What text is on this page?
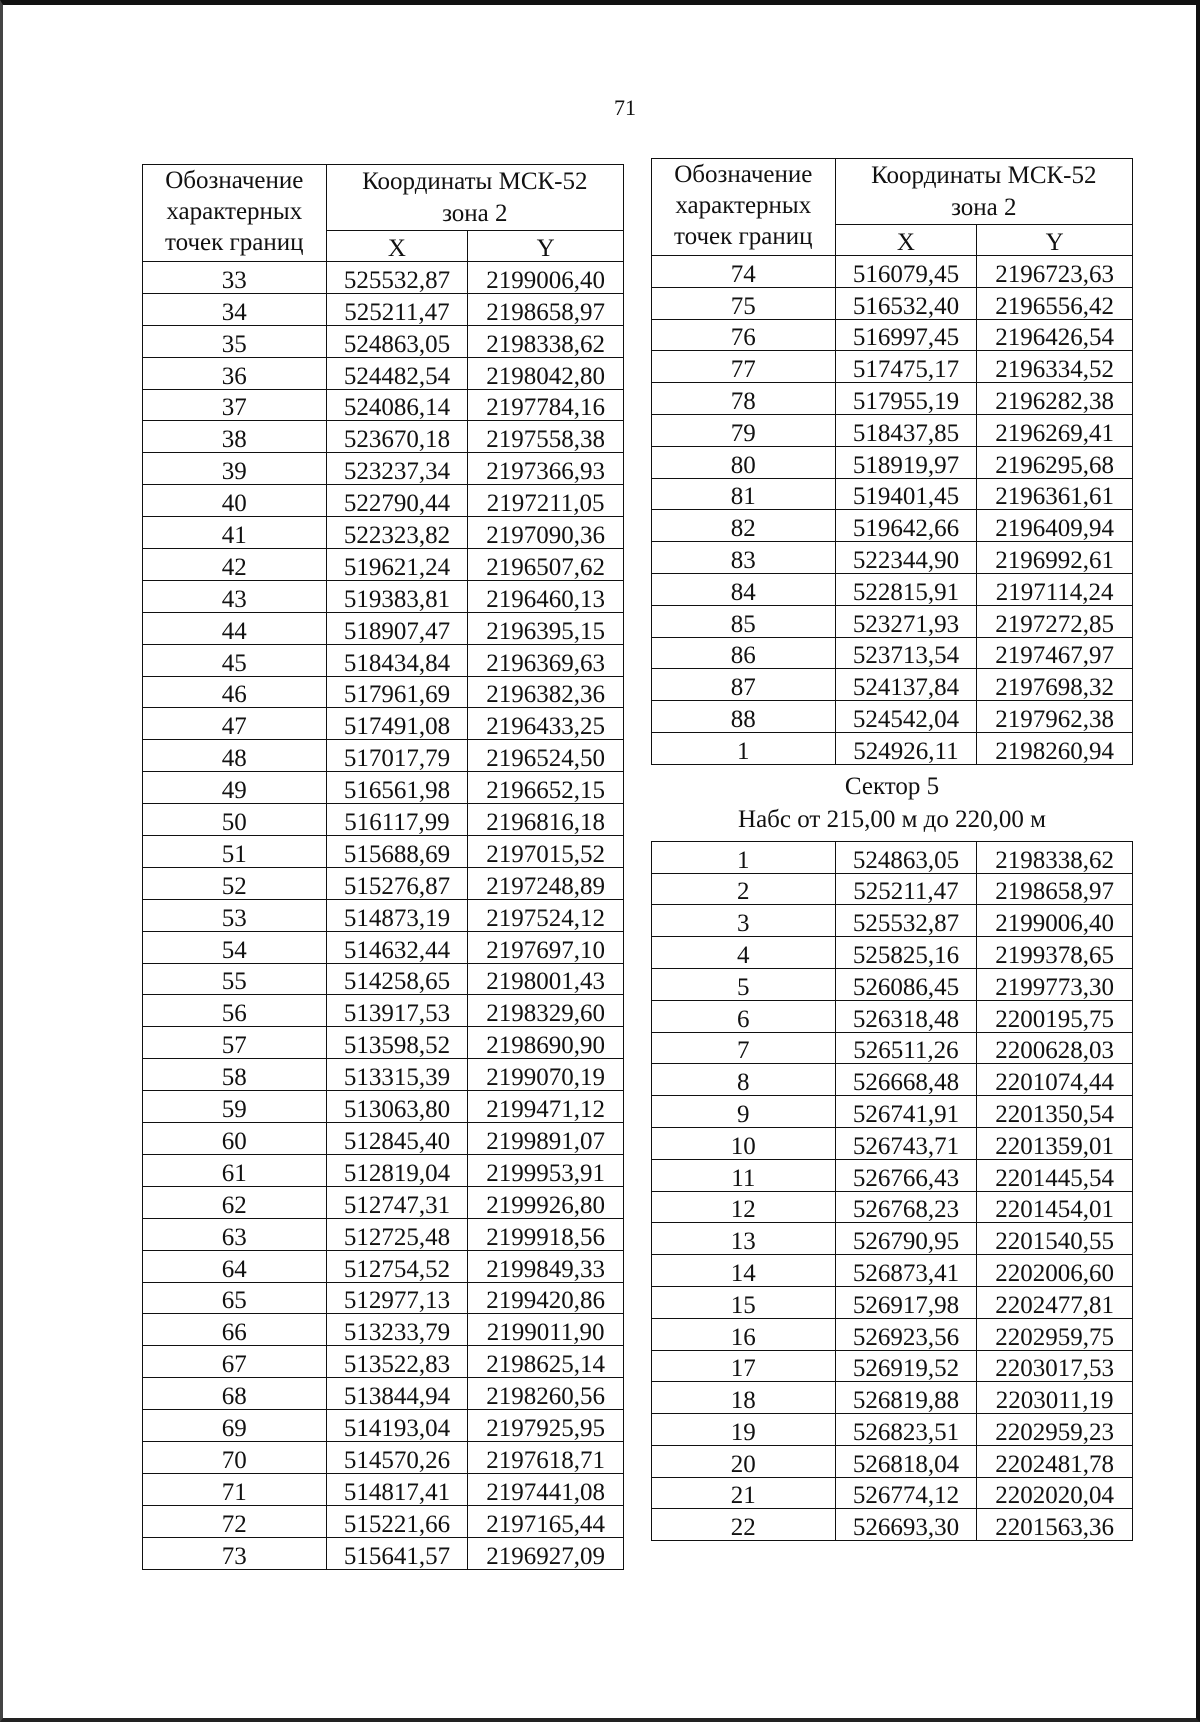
71
Обозначение
характерных
точек границ	Координаты МСК-52
зона 2	
	X	Y
33	525532,87	2199006,40
34	525211,47	2198658,97
35	524863,05	2198338,62
36	524482,54	2198042,80
37	524086,14	2197784,16
38	523670,18	2197558,38
39	523237,34	2197366,93
40	522790,44	2197211,05
41	522323,82	2197090,36
42	519621,24	2196507,62
43	519383,81	2196460,13
44	518907,47	2196395,15
45	518434,84	2196369,63
46	517961,69	2196382,36
47	517491,08	2196433,25
48	517017,79	2196524,50
49	516561,98	2196652,15
50	516117,99	2196816,18
51	515688,69	2197015,52
52	515276,87	2197248,89
53	514873,19	2197524,12
54	514632,44	2197697,10
55	514258,65	2198001,43
56	513917,53	2198329,60
57	513598,52	2198690,90
58	513315,39	2199070,19
59	513063,80	2199471,12
60	512845,40	2199891,07
61	512819,04	2199953,91
62	512747,31	2199926,80
63	512725,48	2199918,56
64	512754,52	2199849,33
65	512977,13	2199420,86
66	513233,79	2199011,90
67	513522,83	2198625,14
68	513844,94	2198260,56
69	514193,04	2197925,95
70	514570,26	2197618,71
71	514817,41	2197441,08
72	515221,66	2197165,44
73	515641,57	2196927,09
Обозначение
характерных
точек границ	Координаты МСК-52
зона 2	
	X	Y
74	516079,45	2196723,63
75	516532,40	2196556,42
76	516997,45	2196426,54
77	517475,17	2196334,52
78	517955,19	2196282,38
79	518437,85	2196269,41
80	518919,97	2196295,68
81	519401,45	2196361,61
82	519642,66	2196409,94
83	522344,90	2196992,61
84	522815,91	2197114,24
85	523271,93	2197272,85
86	523713,54	2197467,97
87	524137,84	2197698,32
88	524542,04	2197962,38
1	524926,11	2198260,94

Сектор 5
Набс от 215,00 м до 220,00 м		

1	524863,05	2198338,62
2	525211,47	2198658,97
3	525532,87	2199006,40
4	525825,16	2199378,65
5	526086,45	2199773,30
6	526318,48	2200195,75
7	526511,26	2200628,03
8	526668,48	2201074,44
9	526741,91	2201350,54
10	526743,71	2201359,01
11	526766,43	2201445,54
12	526768,23	2201454,01
13	526790,95	2201540,55
14	526873,41	2202006,60
15	526917,98	2202477,81
16	526923,56	2202959,75
17	526919,52	2203017,53
18	526819,88	2203011,19
19	526823,51	2202959,23
20	526818,04	2202481,78
21	526774,12	2202020,04
22	526693,30	2201563,36
